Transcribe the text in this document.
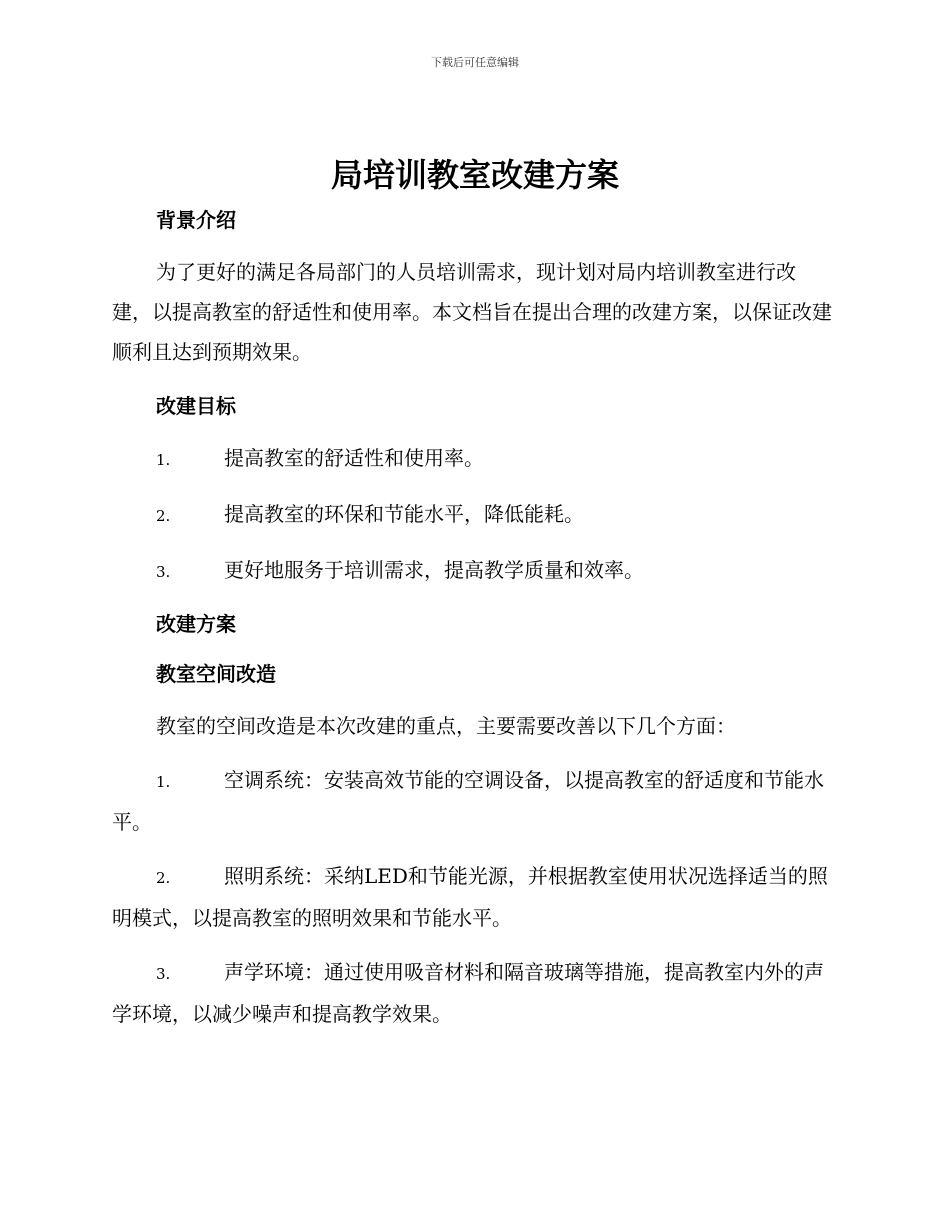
下载后可任意编辑
局培训教室改建方案

背景介绍

为了更好的满足各局部门的人员培训需求，现计划对局内培训教室进行改建，以提高教室的舒适性和使用率。本文档旨在提出合理的改建方案，以保证改建顺利且达到预期效果。

改建目标

1.	提高教室的舒适性和使用率。

2.	提高教室的环保和节能水平，降低能耗。

3.	更好地服务于培训需求，提高教学质量和效率。

改建方案

教室空间改造

教室的空间改造是本次改建的重点，主要需要改善以下几个方面：

1.	空调系统：安装高效节能的空调设备，以提高教室的舒适度和节能水平。

2.	照明系统：采纳LED和节能光源，并根据教室使用状况选择适当的照明模式，以提高教室的照明效果和节能水平。

3.	声学环境：通过使用吸音材料和隔音玻璃等措施，提高教室内外的声学环境，以减少噪声和提高教学效果。
